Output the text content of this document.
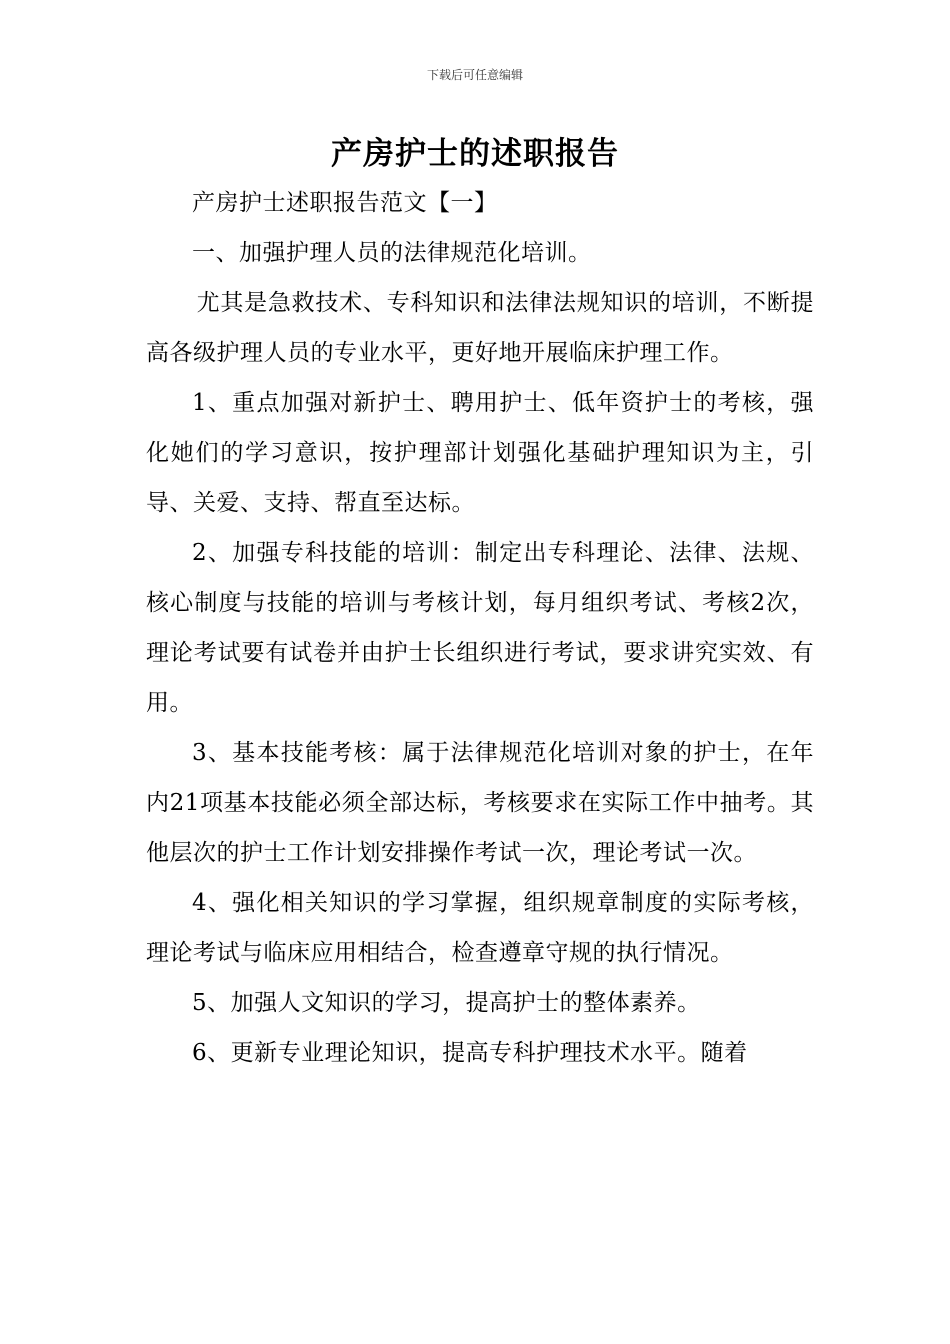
下载后可任意编辑
产房护士的述职报告

产房护士述职报告范文【一】

一、加强护理人员的法律规范化培训。

尤其是急救技术、专科知识和法律法规知识的培训，不断提高各级护理人员的专业水平，更好地开展临床护理工作。

1、重点加强对新护士、聘用护士、低年资护士的考核，强化她们的学习意识，按护理部计划强化基础护理知识为主，引导、关爱、支持、帮直至达标。

2、加强专科技能的培训：制定出专科理论、法律、法规、核心制度与技能的培训与考核计划，每月组织考试、考核2次，理论考试要有试卷并由护士长组织进行考试，要求讲究实效、有用。

3、基本技能考核：属于法律规范化培训对象的护士，在年内21项基本技能必须全部达标，考核要求在实际工作中抽考。其他层次的护士工作计划安排操作考试一次，理论考试一次。

4、强化相关知识的学习掌握，组织规章制度的实际考核，理论考试与临床应用相结合，检查遵章守规的执行情况。

5、加强人文知识的学习，提高护士的整体素养。

6、更新专业理论知识，提高专科护理技术水平。随着
